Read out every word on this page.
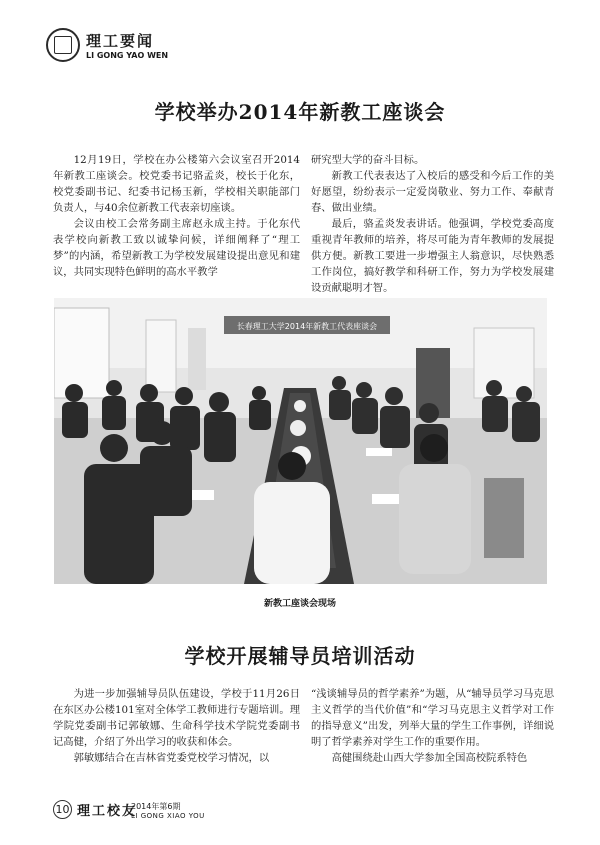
理工要闻
LI GONG YAO WEN
学校举办2014年新教工座谈会

12月19日，学校在办公楼第六会议室召开2014年新教工座谈会。校党委书记骆孟炎，校长于化东，校党委副书记、纪委书记杨玉新，学校相关职能部门负责人，与40余位新教工代表亲切座谈。

会议由校工会常务副主席赵永成主持。于化东代表学校向新教工致以诚挚问候，详细阐释了“理工梦”的内涵，希望新教工为学校发展建设提出意见和建议，共同实现特色鲜明的高水平教学

研究型大学的奋斗目标。

新教工代表表达了入校后的感受和今后工作的美好愿望，纷纷表示一定爱岗敬业、努力工作、奉献青春、做出业绩。

最后，骆孟炎发表讲话。他强调，学校党委高度重视青年教师的培养，将尽可能为青年教师的发展提供方便。新教工要进一步增强主人翁意识，尽快熟悉工作岗位，搞好教学和科研工作，努力为学校发展建设贡献聪明才智。

长春理工大学2014年新教工代表座谈会
新教工座谈会现场
学校开展辅导员培训活动

为进一步加强辅导员队伍建设，学校于11月26日在东区办公楼101室对全体学工教师进行专题培训。理学院党委副书记郭敏娜、生命科学技术学院党委副书记高健，介绍了外出学习的收获和体会。

郭敏娜结合在吉林省党委党校学习情况，以

“浅谈辅导员的哲学素养”为题，从“辅导员学习马克思主义哲学的当代价值”和“学习马克思主义哲学对工作的指导意义”出发，列举大量的学生工作事例，详细说明了哲学素养对学生工作的重要作用。

高健围绕赴山西大学参加全国高校院系特色

10 理工校友
2014年第6期
LI GONG XIAO YOU
